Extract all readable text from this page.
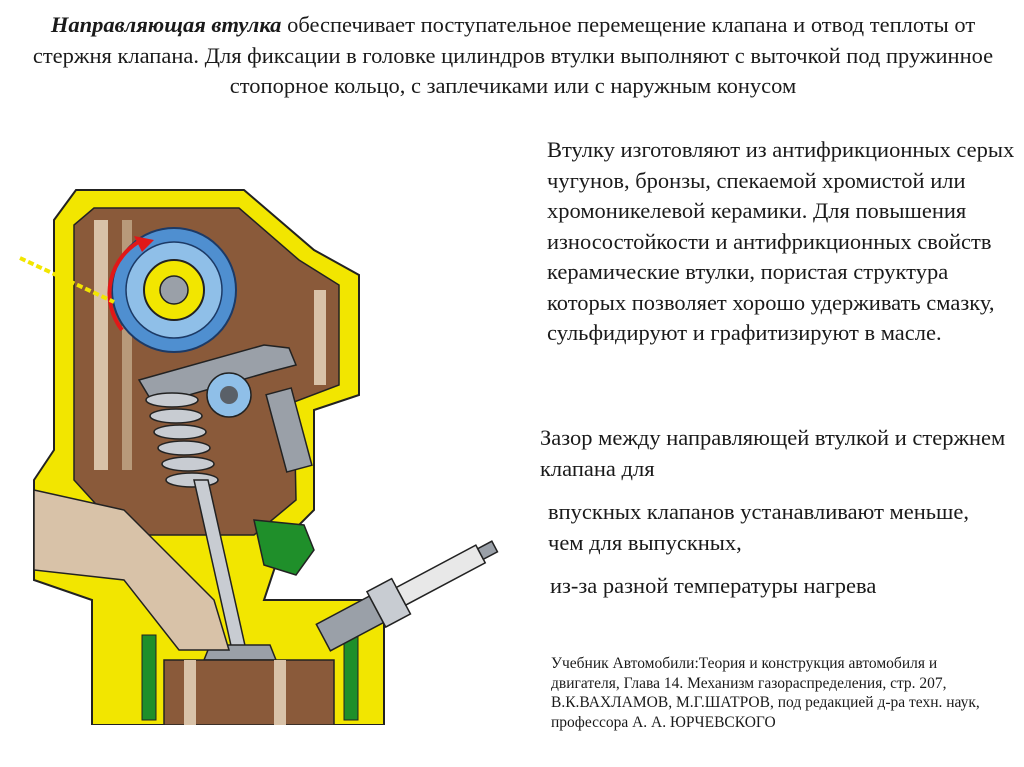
Направляющая втулка обеспечивает поступательное перемещение клапана и отвод теплоты от стержня клапана. Для фиксации в головке цилиндров втулки выполняют с выточкой под пружинное стопорное кольцо, с заплечиками или с наружным конусом
Втулку изготовляют из антифрикционных серых чугунов, бронзы, спекаемой хромистой или хромоникелевой керамики. Для повышения износостойкости и антифрикционных свойств керамические втулки, пористая структура которых позволяет хорошо удерживать смазку, сульфидируют и графитизируют в масле.
Зазор между направляющей втулкой и стержнем клапана для
впускных клапанов устанавливают меньше, чем для выпускных,
из-за разной температуры нагрева
Учебник Автомобили:Теория и конструкция автомобиля и двигателя, Глава 14. Механизм газораспределения, стр. 207, В.К.ВАХЛАМОВ, М.Г.ШАТРОВ, под редакцией д-ра техн. наук, профессора А. А. ЮРЧЕВСКОГО
